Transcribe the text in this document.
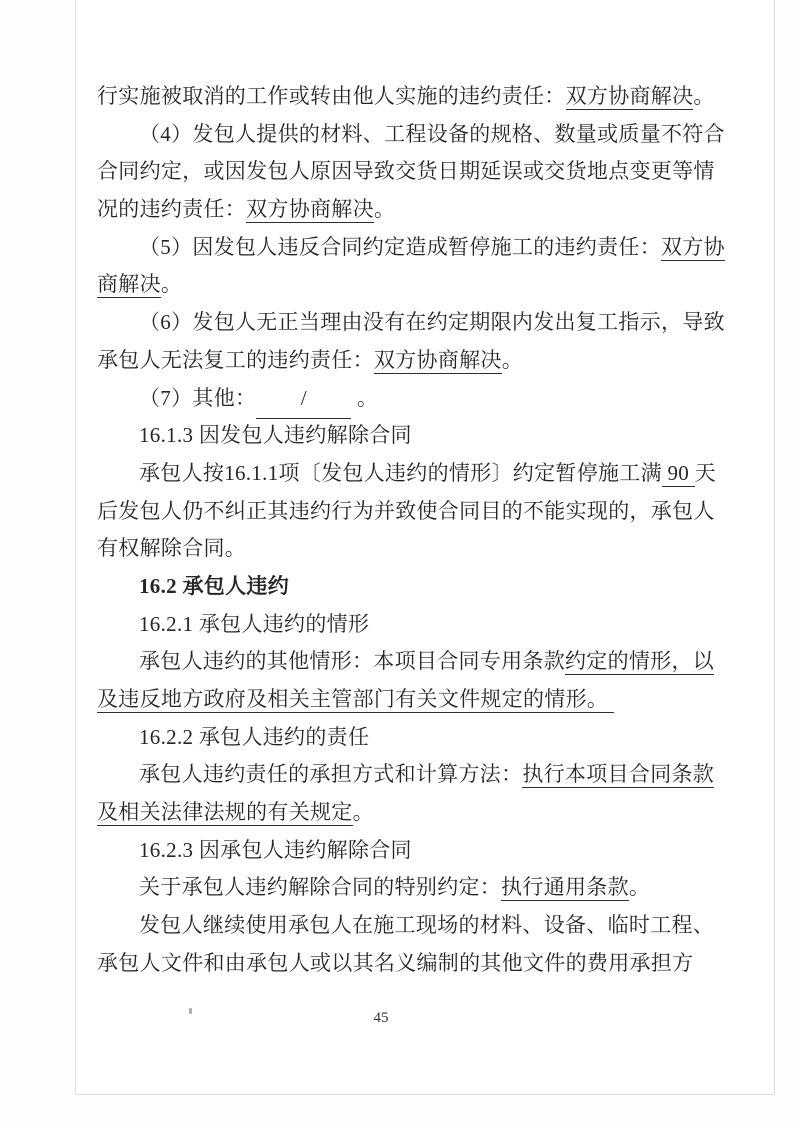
行实施被取消的工作或转由他人实施的违约责任：双方协商解决。
（4）发包人提供的材料、工程设备的规格、数量或质量不符合
合同约定，或因发包人原因导致交货日期延误或交货地点变更等情
况的违约责任：双方协商解决。
（5）因发包人违反合同约定造成暂停施工的违约责任：双方协
商解决。
（6）发包人无正当理由没有在约定期限内发出复工指示，导致
承包人无法复工的违约责任：双方协商解决。
（7）其他： / 。
16.1.3 因发包人违约解除合同
承包人按16.1.1项〔发包人违约的情形〕约定暂停施工满 90 天
后发包人仍不纠正其违约行为并致使合同目的不能实现的，承包人
有权解除合同。
16.2 承包人违约
16.2.1 承包人违约的情形
承包人违约的其他情形：本项目合同专用条款约定的情形，以
及违反地方政府及相关主管部门有关文件规定的情形。
16.2.2 承包人违约的责任
承包人违约责任的承担方式和计算方法：执行本项目合同条款
及相关法律法规的有关规定。
16.2.3 因承包人违约解除合同
关于承包人违约解除合同的特别约定：执行通用条款。
发包人继续使用承包人在施工现场的材料、设备、临时工程、
承包人文件和由承包人或以其名义编制的其他文件的费用承担方
45
